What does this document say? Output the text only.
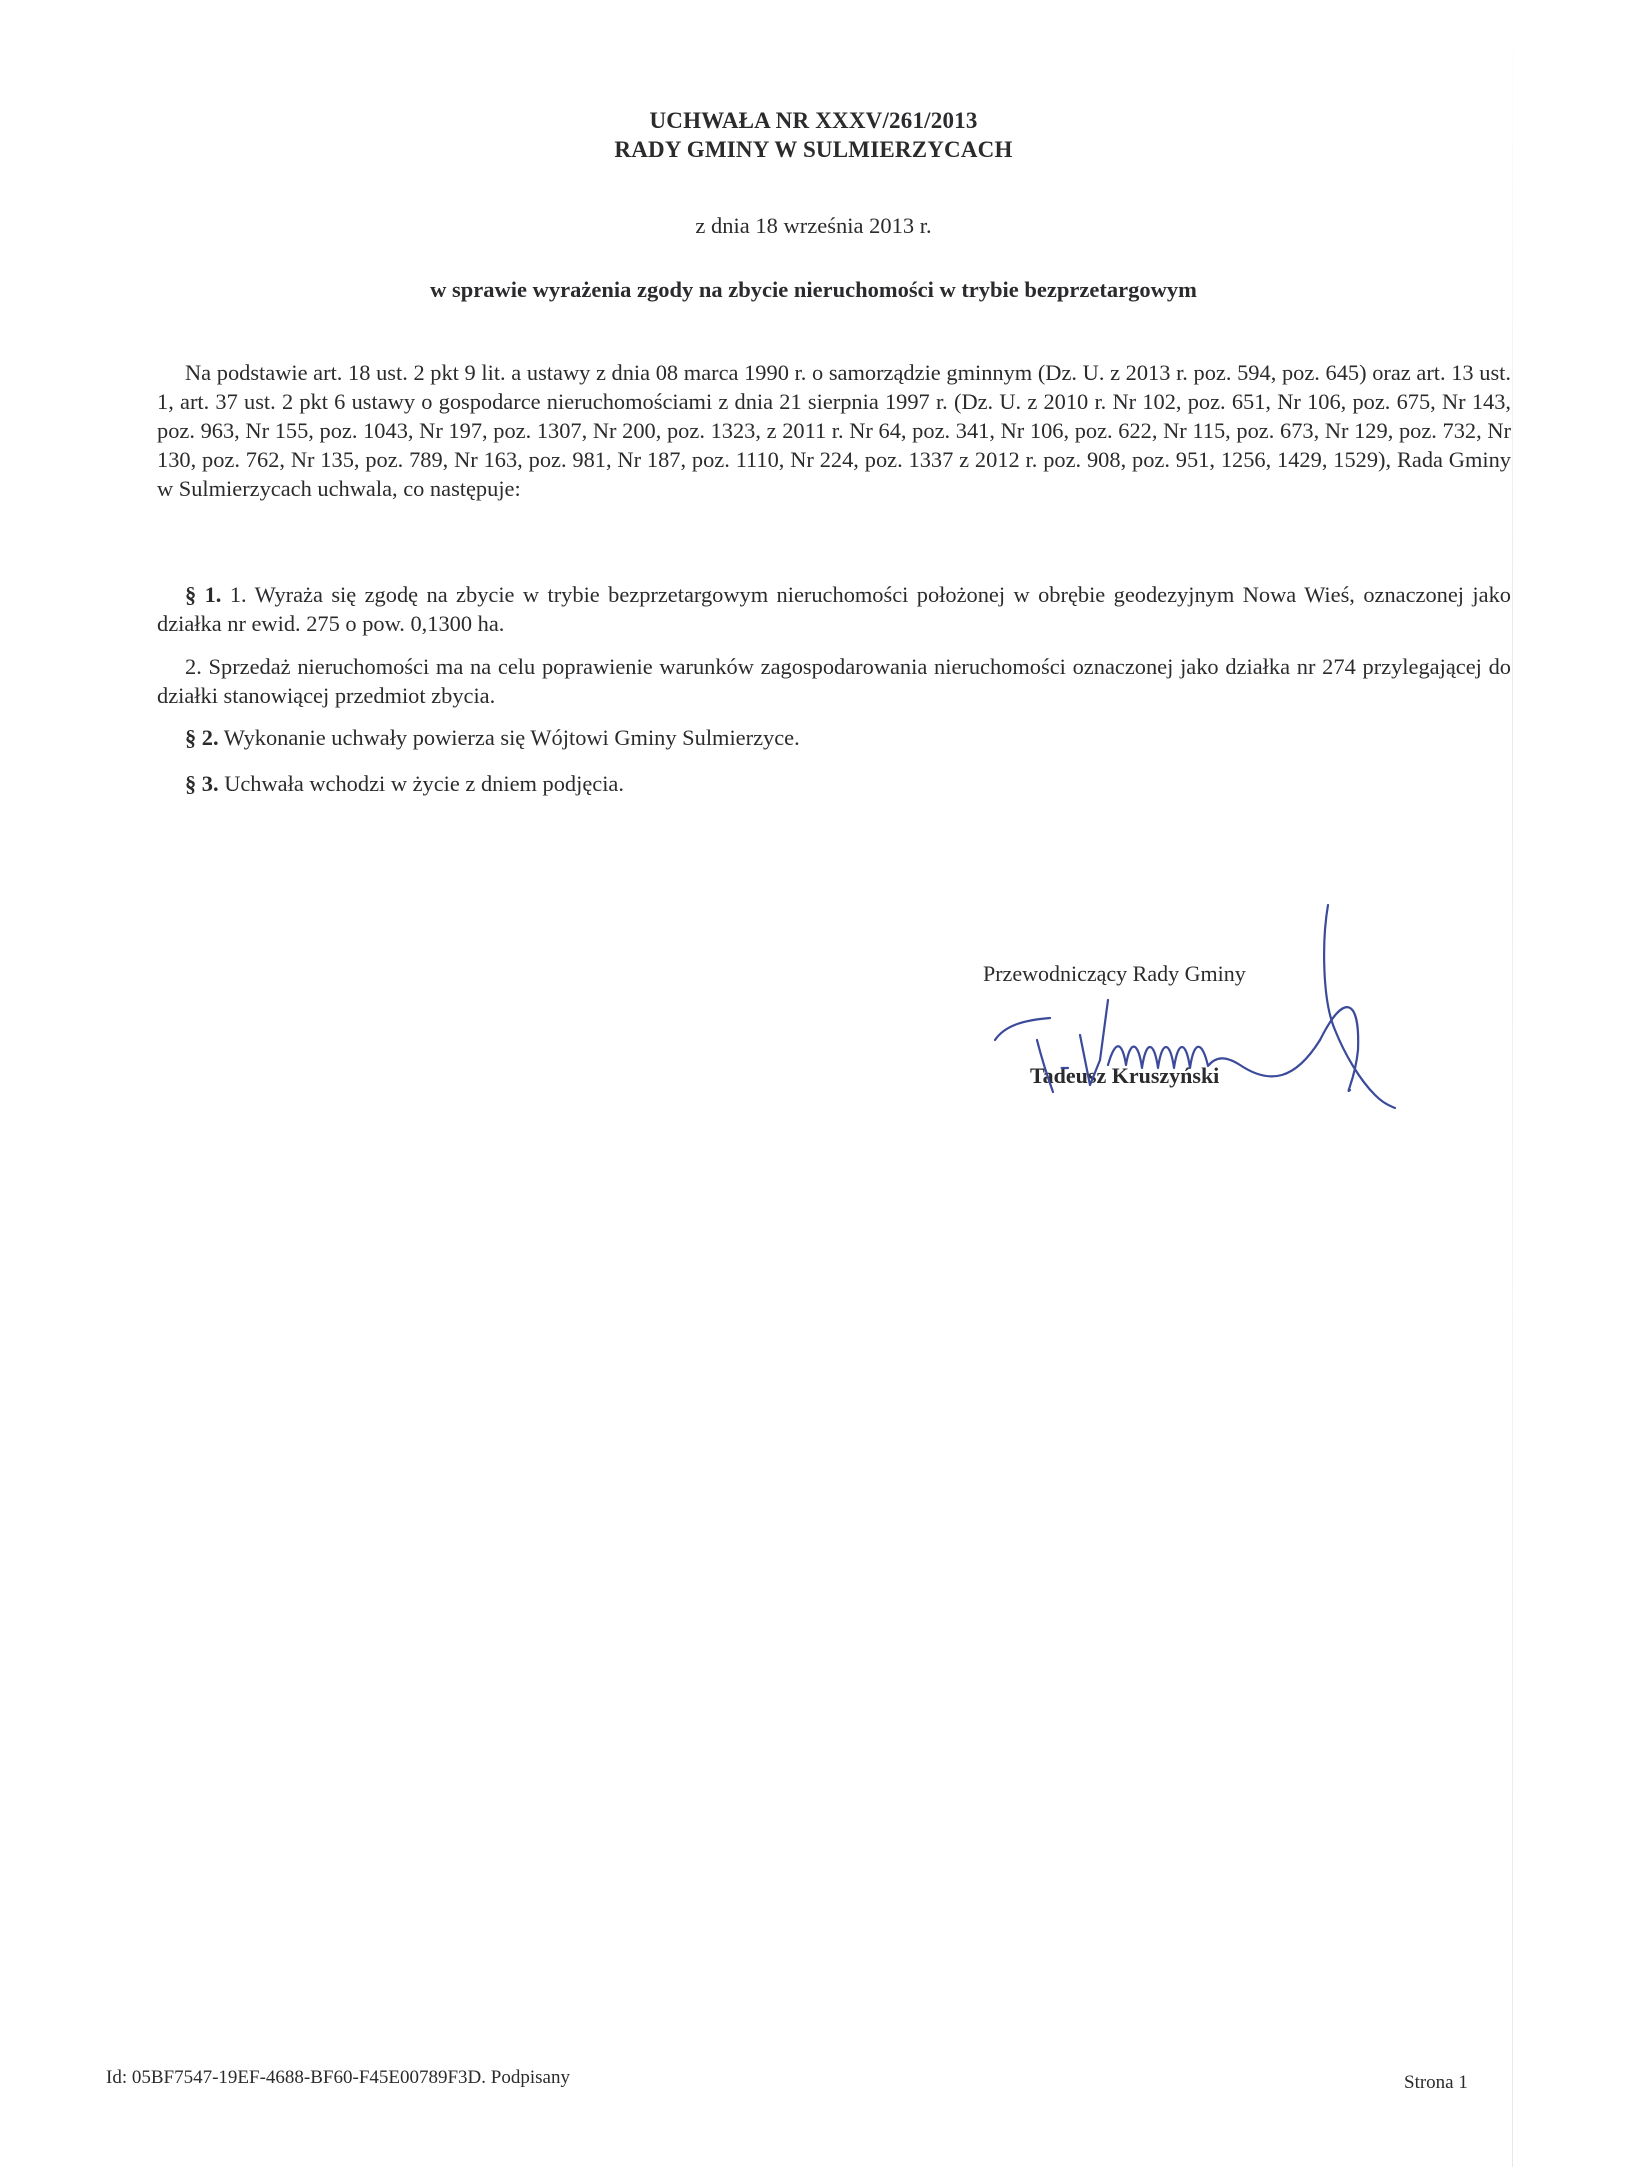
UCHWAŁA NR XXXV/261/2013
RADY GMINY W SULMIERZYCACH
z dnia 18 września 2013 r.
w sprawie wyrażenia zgody na zbycie nieruchomości w trybie bezprzetargowym

Na podstawie art. 18 ust. 2 pkt 9 lit. a ustawy z dnia 08 marca 1990 r. o samorządzie gminnym (Dz. U. z 2013 r. poz. 594, poz. 645) oraz art. 13 ust. 1, art. 37 ust. 2 pkt 6 ustawy o gospodarce nieruchomościami z dnia 21 sierpnia 1997 r. (Dz. U. z 2010 r. Nr 102, poz. 651, Nr 106, poz. 675, Nr 143, poz. 963, Nr 155, poz. 1043, Nr 197, poz. 1307, Nr 200, poz. 1323, z 2011 r. Nr 64, poz. 341, Nr 106, poz. 622, Nr 115, poz. 673, Nr 129, poz. 732, Nr 130, poz. 762, Nr 135, poz. 789, Nr 163, poz. 981, Nr 187, poz. 1110, Nr 224, poz. 1337 z 2012 r. poz. 908, poz. 951, 1256, 1429, 1529), Rada Gminy w Sulmierzycach uchwala, co następuje:

§ 1. 1. Wyraża się zgodę na zbycie w trybie bezprzetargowym nieruchomości położonej w obrębie geodezyjnym Nowa Wieś, oznaczonej jako działka nr ewid. 275 o pow. 0,1300 ha.

2. Sprzedaż nieruchomości ma na celu poprawienie warunków zagospodarowania nieruchomości oznaczonej jako działka nr 274 przylegającej do działki stanowiącej przedmiot zbycia.

§ 2. Wykonanie uchwały powierza się Wójtowi Gminy Sulmierzyce.

§ 3. Uchwała wchodzi w życie z dniem podjęcia.

Przewodniczący Rady Gminy
Tadeusz Kruszyński
Id: 05BF7547-19EF-4688-BF60-F45E00789F3D. Podpisany	Strona 1
